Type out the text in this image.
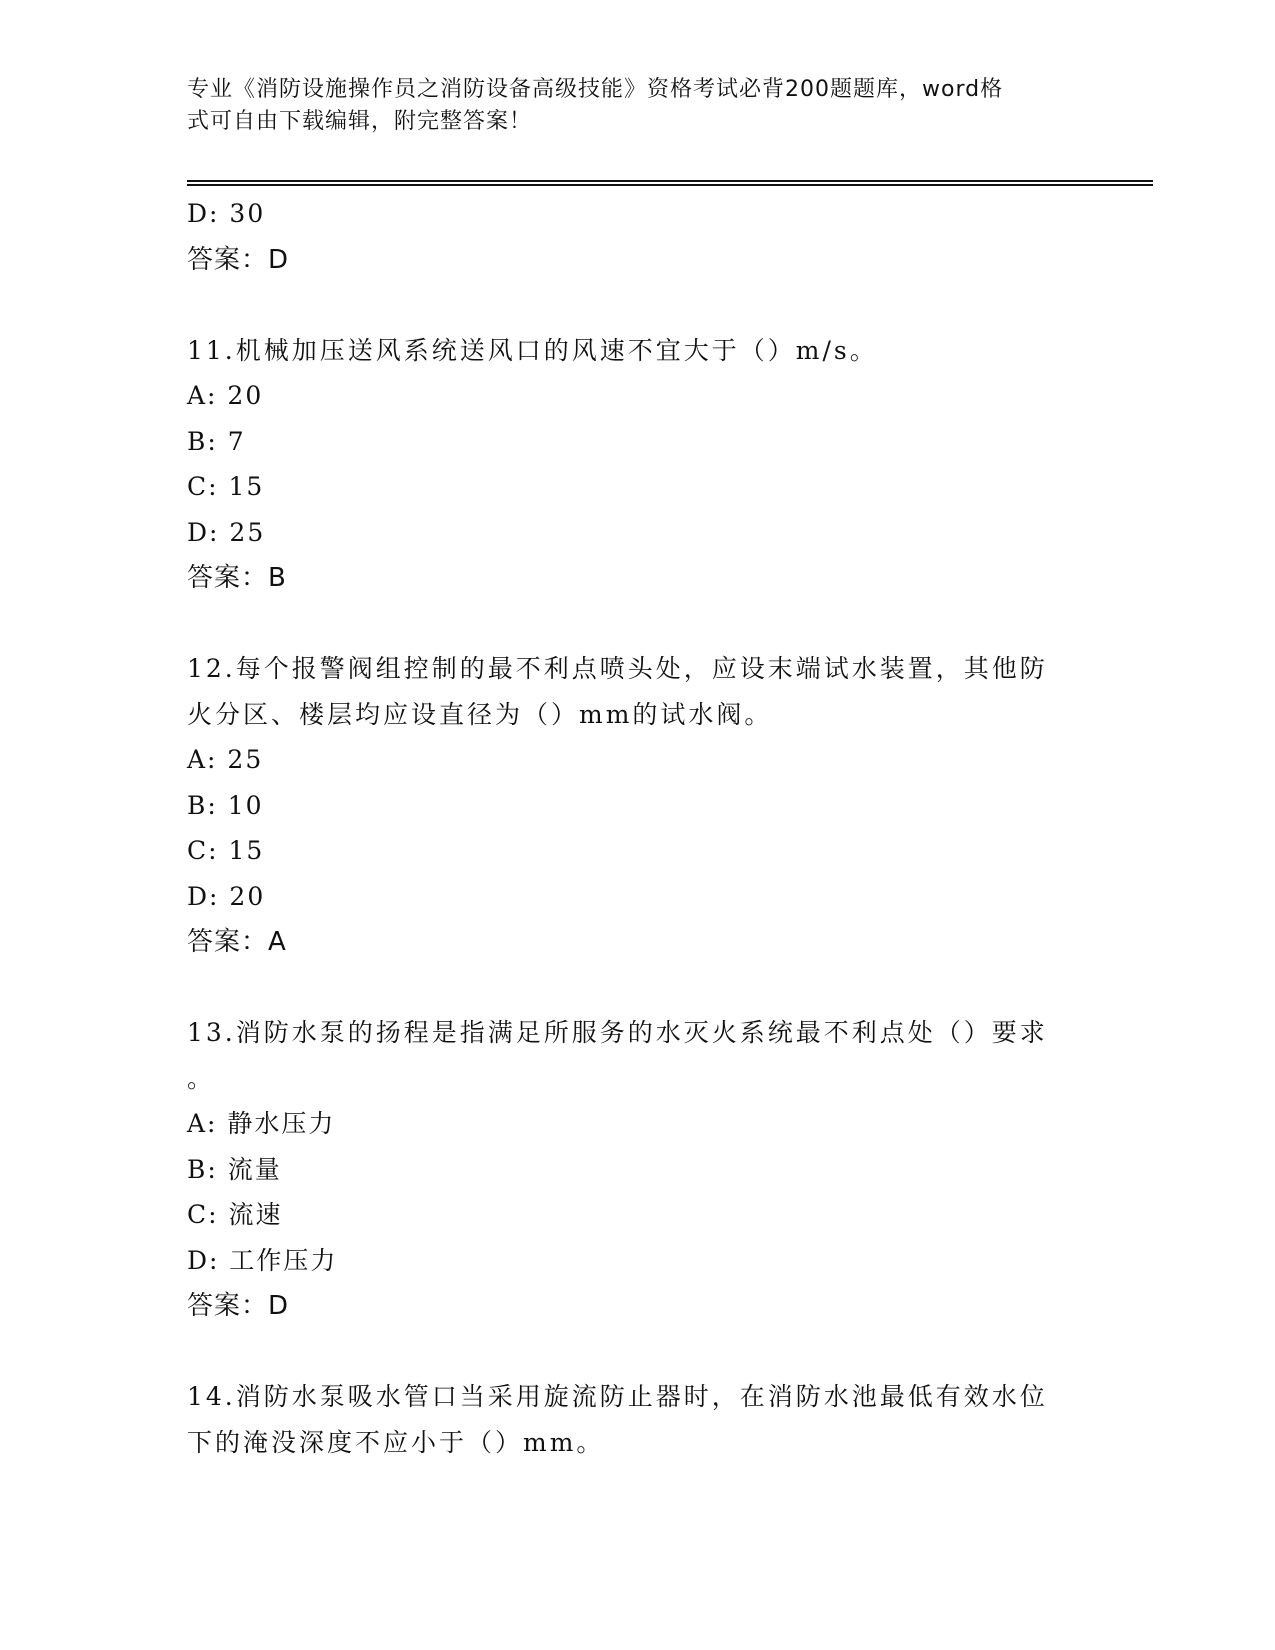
专业《消防设施操作员之消防设备高级技能》资格考试必背200题题库，word格
式可自由下载编辑，附完整答案！
D: 30
答案：D
11.机械加压送风系统送风口的风速不宜大于（）m/s。
A: 20
B: 7
C: 15
D: 25
答案：B
12.每个报警阀组控制的最不利点喷头处，应设末端试水装置，其他防
火分区、楼层均应设直径为（）mm的试水阀。
A: 25
B: 10
C: 15
D: 20
答案：A
13.消防水泵的扬程是指满足所服务的水灭火系统最不利点处（）要求
。
A: 静水压力
B: 流量
C: 流速
D: 工作压力
答案：D
14.消防水泵吸水管口当采用旋流防止器时，在消防水池最低有效水位
下的淹没深度不应小于（）mm。
